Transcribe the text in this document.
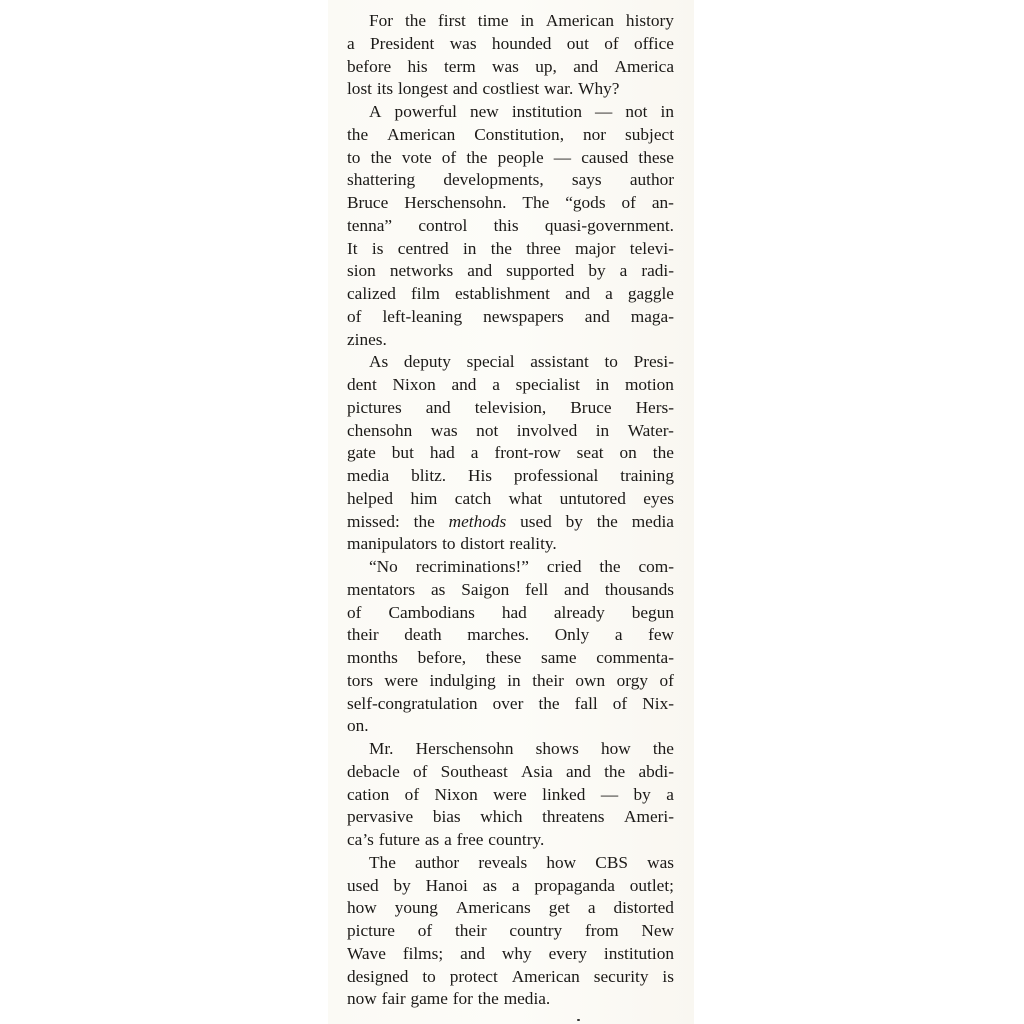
For the first time in American history
a President was hounded out of office
before his term was up, and America
lost its longest and costliest war. Why?
A powerful new institution — not in
the American Constitution, nor subject
to the vote of the people — caused these
shattering developments, says author
Bruce Herschensohn. The “gods of an-
tenna” control this quasi-government.
It is centred in the three major televi-
sion networks and supported by a radi-
calized film establishment and a gaggle
of left-leaning newspapers and maga-
zines.
As deputy special assistant to Presi-
dent Nixon and a specialist in motion
pictures and television, Bruce Hers-
chensohn was not involved in Water-
gate but had a front-row seat on the
media blitz. His professional training
helped him catch what untutored eyes
missed: the methods used by the media
manipulators to distort reality.
“No recriminations!” cried the com-
mentators as Saigon fell and thousands
of Cambodians had already begun
their death marches. Only a few
months before, these same commenta-
tors were indulging in their own orgy of
self-congratulation over the fall of Nix-
on.
Mr. Herschensohn shows how the
debacle of Southeast Asia and the abdi-
cation of Nixon were linked — by a
pervasive bias which threatens Ameri-
ca’s future as a free country.
The author reveals how CBS was
used by Hanoi as a propaganda outlet;
how young Americans get a distorted
picture of their country from New
Wave films; and why every institution
designed to protect American security is
now fair game for the media.
